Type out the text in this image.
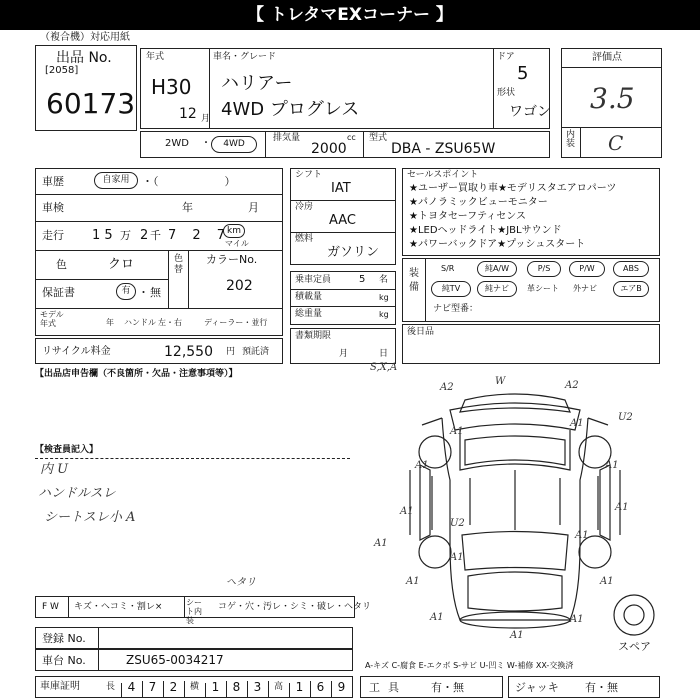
【 トレタマEXコーナー 】
（複合機）対応用紙
出品 No.
[2058]
60173
年式
H30
12 月
車名・グレード
ハリアー
4WD プログレス
ドア
5
形状
ワゴン
2WD ・	4WD
排気量	cc
2000
型式
DBA - ZSU65W
評価点
3.5
内装 C
車歴	自家用	・（　　　　　　）
車検	年	月
走行 1 5 万 2 千 7 2 7
km
マイル
色	クロ	色替
カラーNo.
202
保証書	有 ・ 無
モデル年式	年 ハンドル 左・右	ディーラー・並行
リサイクル料金	12,550 円 預託済
シフト
IAT
冷房
AAC
燃料
ガソリン
乗車定員	5 名
積載量	kg
総重量	kg
書類期限
月	日
セールスポイント
★ユーザー買取り車★モデリスタエアロパーツ
★パノラミックビューモニター
★トヨタセーフティセンス
★LEDヘッドライト★JBLサウンド
★パワーバックドア★プッシュスタート
装備
S/R	純A/W	P/S	P/W	ABS
純TV	純ナビ	革シート 外ナビ	エアB
ナビ型番：
後日品
【出品店申告欄（不良箇所・欠品・注意事項等）】
【検査員記入】
内 U
ハンドルスレ
シートスレ小 A
F W キズ・ヘコミ・割レ×	シート内装
コゲ・穴・汚レ・シミ・破レ・ヘタリ
ヘタリ
登録 No.
車台 No.	ZSU65-0034217
車庫証明	長	4	7	2	横	1	8	3	高	1	6	9	工具 有・無	ジャッキ 有・無
A-キズ C-腐食 E-エクボ S-サビ U-凹ミ W-補修 XX-交換済
A2
W	A2
A1
A1
U2
A1
A1
A1
A1
U2
A1
A1
A1
A1
A1	A1
A1
A1
S,X,A
スペア
